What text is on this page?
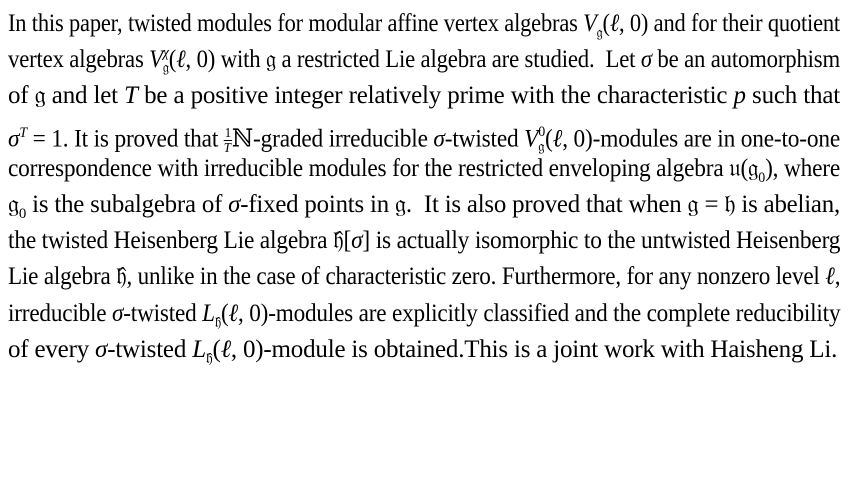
In this paper, twisted modules for modular affine vertex algebras $V_𝔤(\ell$, 0) and for their quotient
vertex algebras Vχ
𝔤(ℓ, 0) with 𝔤 a restricted Lie algebra are studied.  Let σ be an automorphism
of 𝔤 and let T be a positive integer relatively prime with the characteristic p such that
$\sigma^T = 1$. It is proved that $\frac{1}{T}ℕ$-graded irreducible σ-twisted V0
𝔤(ℓ, 0)-modules are in one-to-one
correspondence with irreducible modules for the restricted enveloping algebra 𝔲(𝔤$_0$), where
𝔤$_0$ is the subalgebra of σ-fixed points in 𝔤.  It is also proved that when 𝔤 = 𝔥 is abelian,
the twisted Heisenberg Lie algebra 𝔥̂[σ] is actually isomorphic to the untwisted Heisenberg
Lie algebra 𝔥̂, unlike in the case of characteristic zero. Furthermore, for any nonzero level ℓ,
irreducible σ-twisted $L_{𝔥̂}(\ell$, 0)-modules are explicitly classified and the complete reducibility
of every σ-twisted $L_{𝔥̂}(\ell$, 0)-module is obtained.This is a joint work with Haisheng Li.
